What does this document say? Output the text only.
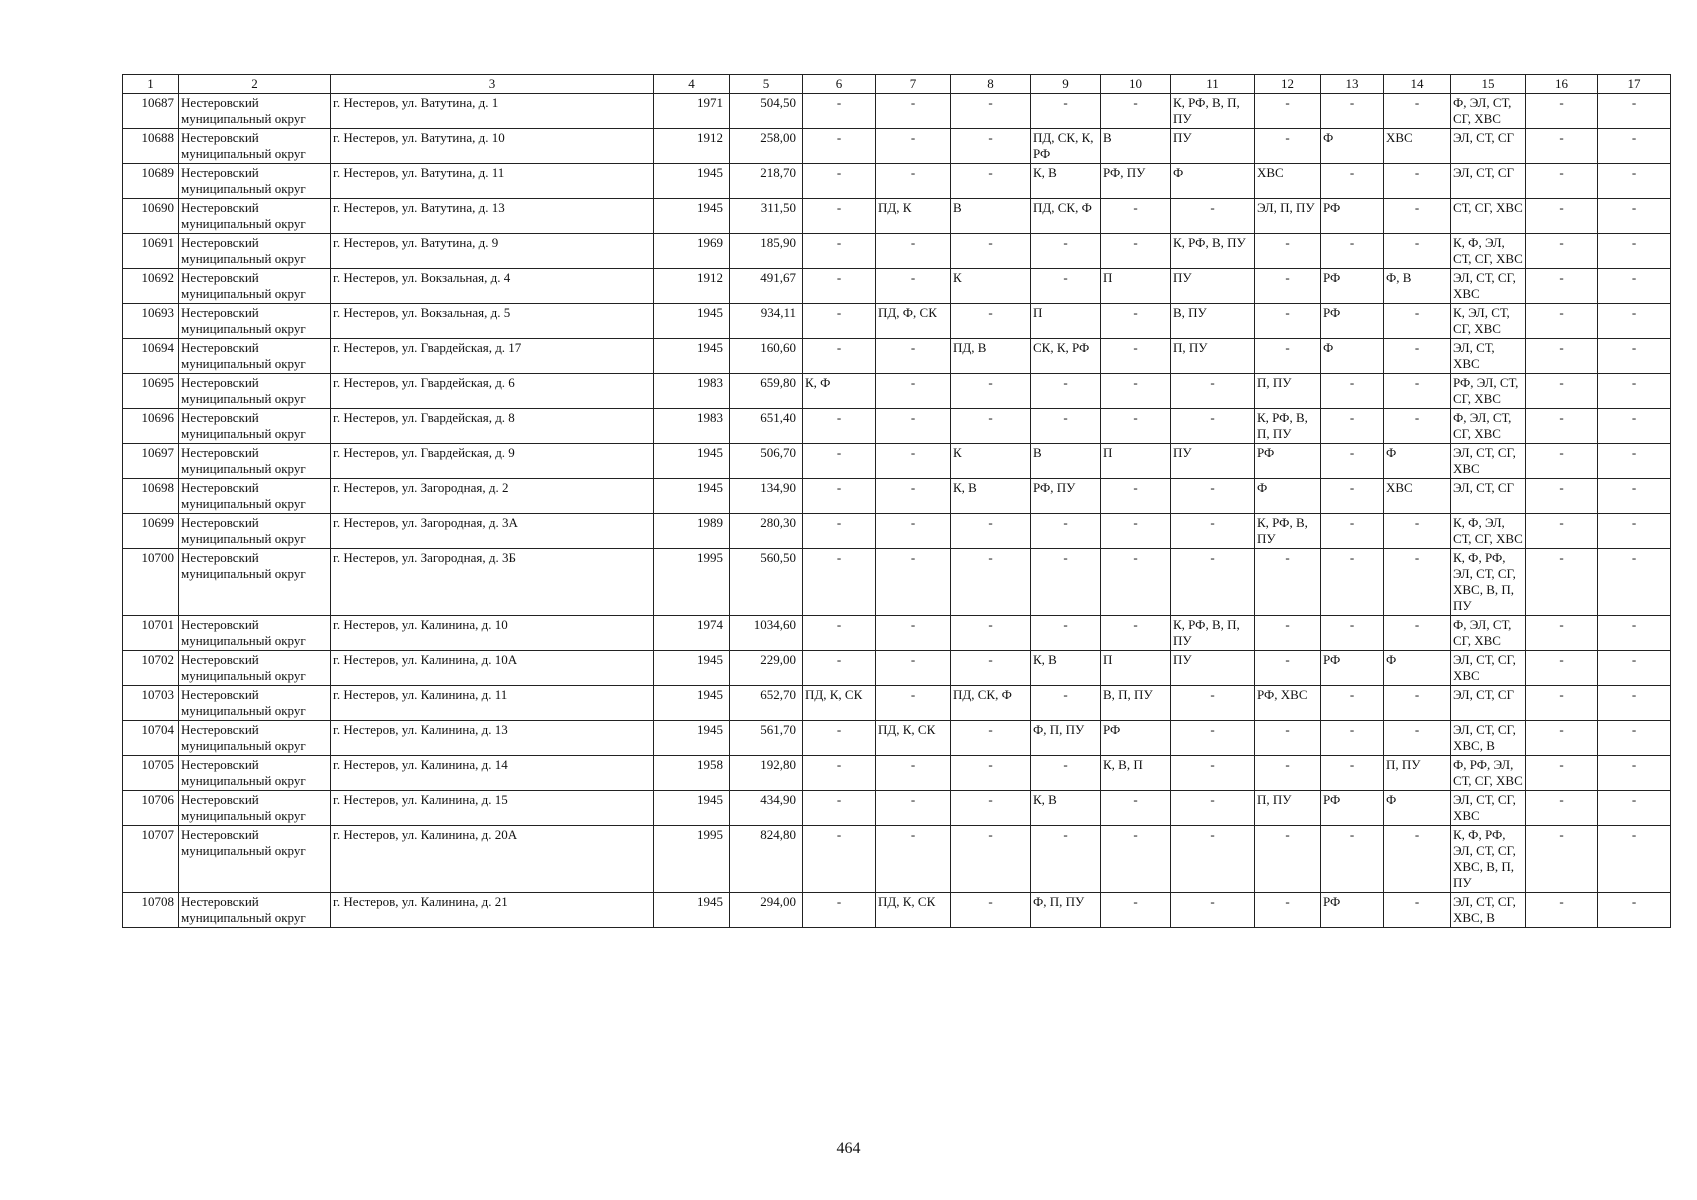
1	2	3	4	5	6	7	8	9	10	11	12	13	14	15	16	17
10687	Нестеровский муниципальный округ	г. Нестеров, ул. Ватутина, д. 1	1971	504,50	-	-	-	-	-	К, РФ, В, П, ПУ	-	-	-	Ф, ЭЛ, СТ, СГ, ХВС	-	-
10688	Нестеровский муниципальный округ	г. Нестеров, ул. Ватутина, д. 10	1912	258,00	-	-	-	ПД, СК, К, РФ	В	ПУ	-	Ф	ХВС	ЭЛ, СТ, СГ	-	-
10689	Нестеровский муниципальный округ	г. Нестеров, ул. Ватутина, д. 11	1945	218,70	-	-	-	К, В	РФ, ПУ	Ф	ХВС	-	-	ЭЛ, СТ, СГ	-	-
10690	Нестеровский муниципальный округ	г. Нестеров, ул. Ватутина, д. 13	1945	311,50	-	ПД, К	В	ПД, СК, Ф	-	-	ЭЛ, П, ПУ	РФ	-	СТ, СГ, ХВС	-	-
10691	Нестеровский муниципальный округ	г. Нестеров, ул. Ватутина, д. 9	1969	185,90	-	-	-	-	-	К, РФ, В, ПУ	-	-	-	К, Ф, ЭЛ, СТ, СГ, ХВС	-	-
10692	Нестеровский муниципальный округ	г. Нестеров, ул. Вокзальная, д. 4	1912	491,67	-	-	К	-	П	ПУ	-	РФ	Ф, В	ЭЛ, СТ, СГ, ХВС	-	-
10693	Нестеровский муниципальный округ	г. Нестеров, ул. Вокзальная, д. 5	1945	934,11	-	ПД, Ф, СК	-	П	-	В, ПУ	-	РФ	-	К, ЭЛ, СТ, СГ, ХВС	-	-
10694	Нестеровский муниципальный округ	г. Нестеров, ул. Гвардейская, д. 17	1945	160,60	-	-	ПД, В	СК, К, РФ	-	П, ПУ	-	Ф	-	ЭЛ, СТ, ХВС	-	-
10695	Нестеровский муниципальный округ	г. Нестеров, ул. Гвардейская, д. 6	1983	659,80	К, Ф	-	-	-	-	-	П, ПУ	-	-	РФ, ЭЛ, СТ, СГ, ХВС	-	-
10696	Нестеровский муниципальный округ	г. Нестеров, ул. Гвардейская, д. 8	1983	651,40	-	-	-	-	-	-	К, РФ, В, П, ПУ	-	-	Ф, ЭЛ, СТ, СГ, ХВС	-	-
10697	Нестеровский муниципальный округ	г. Нестеров, ул. Гвардейская, д. 9	1945	506,70	-	-	К	В	П	ПУ	РФ	-	Ф	ЭЛ, СТ, СГ, ХВС	-	-
10698	Нестеровский муниципальный округ	г. Нестеров, ул. Загородная, д. 2	1945	134,90	-	-	К, В	РФ, ПУ	-	-	Ф	-	ХВС	ЭЛ, СТ, СГ	-	-
10699	Нестеровский муниципальный округ	г. Нестеров, ул. Загородная, д. 3А	1989	280,30	-	-	-	-	-	-	К, РФ, В, ПУ	-	-	К, Ф, ЭЛ, СТ, СГ, ХВС	-	-
10700	Нестеровский муниципальный округ	г. Нестеров, ул. Загородная, д. 3Б	1995	560,50	-	-	-	-	-	-	-	-	-	К, Ф, РФ, ЭЛ, СТ, СГ, ХВС, В, П, ПУ	-	-
10701	Нестеровский муниципальный округ	г. Нестеров, ул. Калинина, д. 10	1974	1034,60	-	-	-	-	-	К, РФ, В, П, ПУ	-	-	-	Ф, ЭЛ, СТ, СГ, ХВС	-	-
10702	Нестеровский муниципальный округ	г. Нестеров, ул. Калинина, д. 10А	1945	229,00	-	-	-	К, В	П	ПУ	-	РФ	Ф	ЭЛ, СТ, СГ, ХВС	-	-
10703	Нестеровский муниципальный округ	г. Нестеров, ул. Калинина, д. 11	1945	652,70	ПД, К, СК	-	ПД, СК, Ф	-	В, П, ПУ	-	РФ, ХВС	-	-	ЭЛ, СТ, СГ	-	-
10704	Нестеровский муниципальный округ	г. Нестеров, ул. Калинина, д. 13	1945	561,70	-	ПД, К, СК	-	Ф, П, ПУ	РФ	-	-	-	-	ЭЛ, СТ, СГ, ХВС, В	-	-
10705	Нестеровский муниципальный округ	г. Нестеров, ул. Калинина, д. 14	1958	192,80	-	-	-	-	К, В, П	-	-	-	П, ПУ	Ф, РФ, ЭЛ, СТ, СГ, ХВС	-	-
10706	Нестеровский муниципальный округ	г. Нестеров, ул. Калинина, д. 15	1945	434,90	-	-	-	К, В	-	-	П, ПУ	РФ	Ф	ЭЛ, СТ, СГ, ХВС	-	-
10707	Нестеровский муниципальный округ	г. Нестеров, ул. Калинина, д. 20А	1995	824,80	-	-	-	-	-	-	-	-	-	К, Ф, РФ, ЭЛ, СТ, СГ, ХВС, В, П, ПУ	-	-
10708	Нестеровский муниципальный округ	г. Нестеров, ул. Калинина, д. 21	1945	294,00	-	ПД, К, СК	-	Ф, П, ПУ	-	-	-	РФ	-	ЭЛ, СТ, СГ, ХВС, В	-	-
464
